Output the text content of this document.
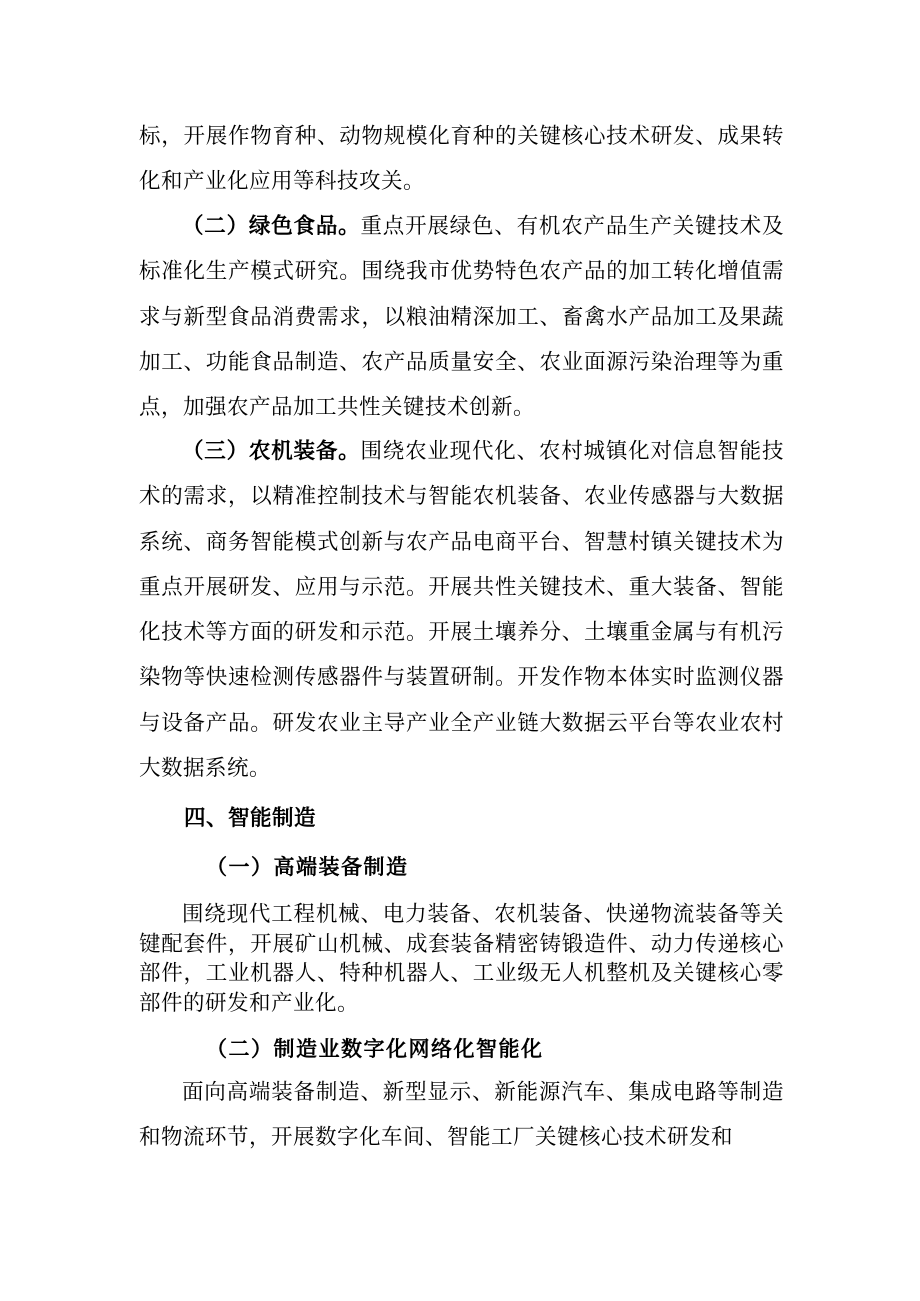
标，开展作物育种、动物规模化育种的关键核心技术研发、成果转化和产业化应用等科技攻关。

（二）绿色食品。重点开展绿色、有机农产品生产关键技术及标准化生产模式研究。围绕我市优势特色农产品的加工转化增值需求与新型食品消费需求，以粮油精深加工、畜禽水产品加工及果蔬加工、功能食品制造、农产品质量安全、农业面源污染治理等为重点，加强农产品加工共性关键技术创新。

（三）农机装备。围绕农业现代化、农村城镇化对信息智能技术的需求，以精准控制技术与智能农机装备、农业传感器与大数据系统、商务智能模式创新与农产品电商平台、智慧村镇关键技术为重点开展研发、应用与示范。开展共性关键技术、重大装备、智能化技术等方面的研发和示范。开展土壤养分、土壤重金属与有机污染物等快速检测传感器件与装置研制。开发作物本体实时监测仪器与设备产品。研发农业主导产业全产业链大数据云平台等农业农村大数据系统。

四、智能制造
（一）高端装备制造

围绕现代工程机械、电力装备、农机装备、快递物流装备等关键配套件，开展矿山机械、成套装备精密铸锻造件、动力传递核心部件，工业机器人、特种机器人、工业级无人机整机及关键核心零部件的研发和产业化。

（二）制造业数字化网络化智能化

面向高端装备制造、新型显示、新能源汽车、集成电路等制造和物流环节，开展数字化车间、智能工厂关键核心技术研发和
